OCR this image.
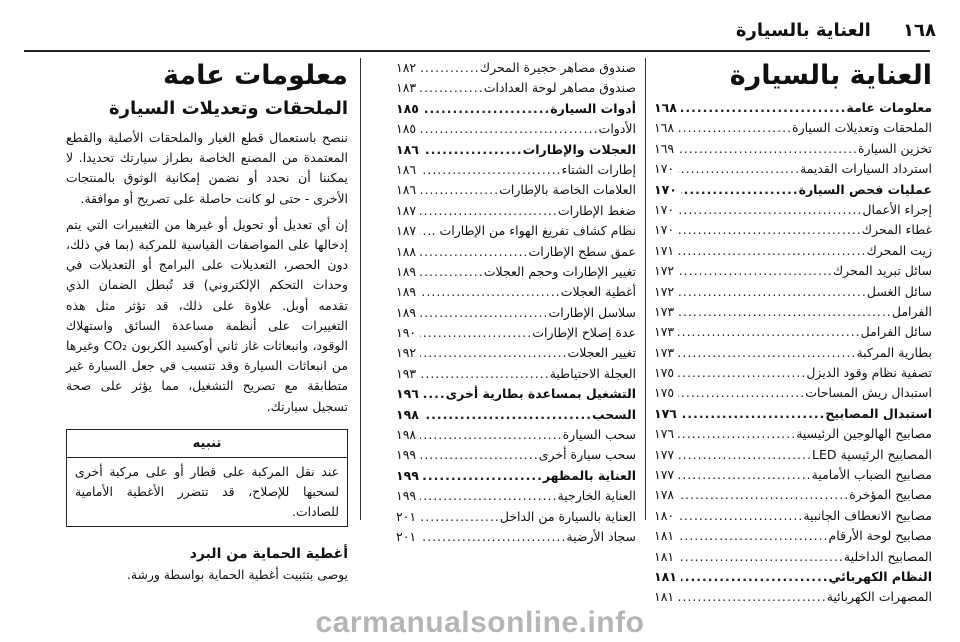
١٦٨ العناية بالسيارة
العناية بالسيارة
معلومات عامة
.....
١٦٨
الملحقات وتعديلات السيارة
.....
١٦٨
تخزين السيارة
.....
١٦٩
استرداد السيارات القديمة
.....
١٧٠
عمليات فحص السيارة
.....
١٧٠
إجراء الأعمال
.....
١٧٠
غطاء المحرك
.....
١٧٠
زيت المحرك
.....
١٧١
سائل تبريد المحرك
.....
١٧٢
سائل الغسل
.....
١٧٢
الفرامل
.....
١٧٣
سائل الفرامل
.....
١٧٣
بطارية المركبة
.....
١٧٣
تصفية نظام وقود الديزل
.....
١٧٥
استبدال ريش المساحات
.....
١٧٥
استبدال المصابيح
.....
١٧٦
مصابيح الهالوجين الرئيسية
.....
١٧٦
المصابيح الرئيسية LED
.....
١٧٧
مصابيح الضباب الأمامية
.....
١٧٧
مصابيح المؤخرة
.....
١٧٨
مصابيح الانعطاف الجانبية
.....
١٨٠
مصابيح لوحة الأرقام
.....
١٨١
المصابيح الداخلية
.....
١٨١
النظام الكهربائي
.....
١٨١
المصهرات الكهربائية
.....
١٨١
صندوق مصاهر حجيرة المحرك
.....
١٨٢
صندوق مصاهر لوحة العدادات
.....
١٨٣
أدوات السيارة
.....
١٨٥
الأدوات
.....
١٨٥
العجلات والإطارات
.....
١٨٦
إطارات الشتاء
.....
١٨٦
العلامات الخاصة بالإطارات
.....
١٨٦
ضغط الإطارات
.....
١٨٧
نظام كشاف تفريغ الهواء من الإطارات ..
.....
١٨٧
عمق سطح الإطارات
.....
١٨٨
تغيير الإطارات وحجم العجلات
.....
١٨٩
أغطية العجلات
.....
١٨٩
سلاسل الإطارات
.....
١٨٩
عدة إصلاح الإطارات
.....
١٩٠
تغيير العجلات
.....
١٩٢
العجلة الاحتياطية
.....
١٩٣
التشغيل بمساعدة بطارية أخرى
.....
١٩٦
السحب
.....
١٩٨
سحب السيارة
.....
١٩٨
سحب سيارة أخرى
.....
١٩٩
العناية بالمظهر
.....
١٩٩
العناية الخارجية
.....
١٩٩
العناية بالسيارة من الداخل
.....
٢٠١
سجاد الأرضية
.....
٢٠١
معلومات عامة
الملحقات وتعديلات السيارة

ننصح باستعمال قطع الغيار والملحقات الأصلية والقطع المعتمدة من المصنع الخاصة بطراز سيارتك تحديدا. لا يمكننا أن نحدد أو نضمن إمكانية الوثوق بالمنتجات الأخرى - حتى لو كانت حاصلة على تصريح أو موافقة.

إن أي تعديل أو تحويل أو غيرها من التغييرات التي يتم إدخالها على المواصفات القياسية للمركبة (بما في ذلك، دون الحصر، التعديلات على البرامج أو التعديلات في وحدات التحكم الإلكتروني) قد تُبطل الضمان الذي تقدمه أوبل. علاوة على ذلك، قد تؤثر مثل هذه التغييرات على أنظمة مساعدة السائق واستهلاك الوقود، وانبعاثات غاز ثاني أوكسيد الكربون CO₂ وغيرها من انبعاثات السيارة وقد تتسبب في جعل السيارة غير متطابقة مع تصريح التشغيل، مما يؤثر على صحة تسجيل سيارتك.

تنبيه
عند نقل المركبة على قطار أو على مركبة أخرى لسحبها للإصلاح، قد تتضرر الأغطية الأمامية للصادات.
أغطية الحماية من البرد

يوصى بتثبيت أغطية الحماية بواسطة ورشة.

carmanualsonline.info
